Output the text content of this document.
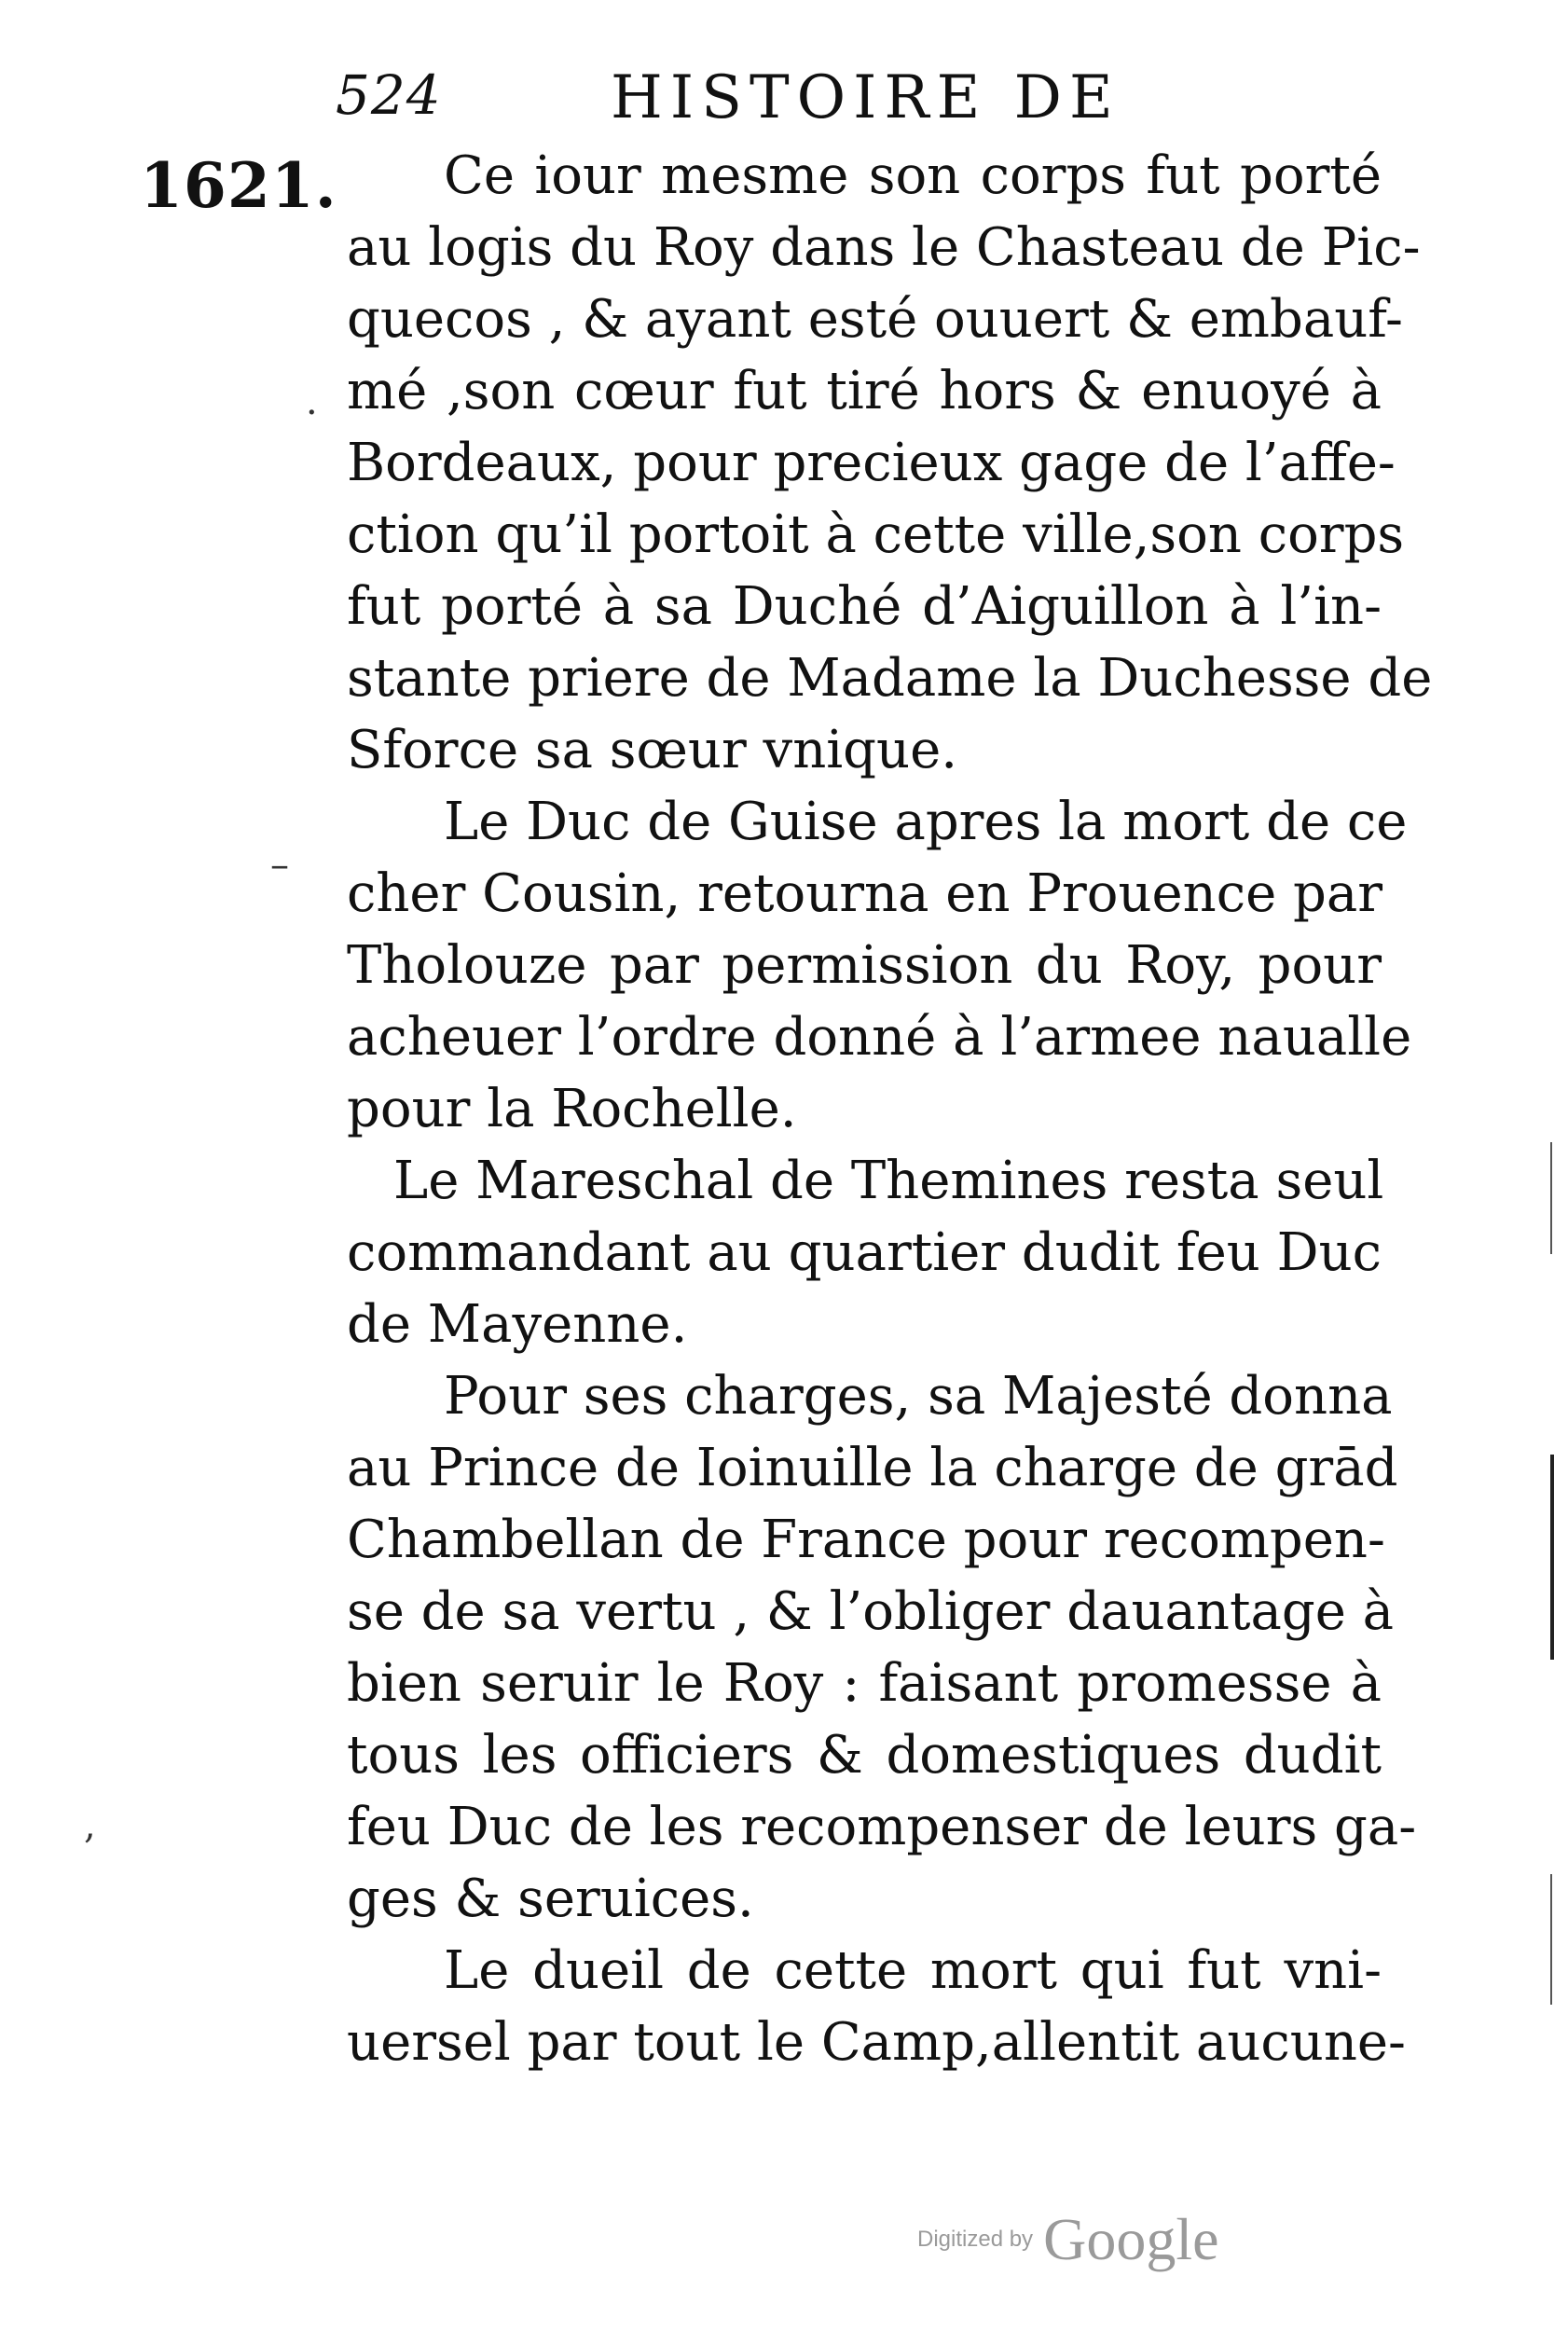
524	HISTOIRE DE
1621.	Ce iour mesme son corps fut porté
au logis du Roy dans le Chasteau de Pic-
quecos , & ayant esté ouuert & embauf-
mé ,son cœur fut tiré hors & enuoyé à
Bordeaux, pour precieux gage de l’affe-
ction qu’il portoit à cette ville,son corps
fut porté à sa Duché d’Aiguillon à l’in-
stante priere de Madame la Duchesse de
Sforce sa sœur vnique.
Le Duc de Guise apres la mort de ce
cher Cousin, retourna en Prouence par
Tholouze par permission du Roy, pour
acheuer l’ordre donné à l’armee naualle
pour la Rochelle.
Le Mareschal de Themines resta seul
commandant au quartier dudit feu Duc
de Mayenne.
Pour ses charges, sa Majesté donna
au Prince de Ioinuille la charge de grād
Chambellan de France pour recompen-
se de sa vertu , & l’obliger dauantage à
bien seruir le Roy : faisant promesse à
tous les officiers & domestiques dudit
feu Duc de les recompenser de leurs ga-
ges & seruices.
Le dueil de cette mort qui fut vni-
uersel par tout le Camp,allentit aucune-
–
·
,
Digitized by Google
